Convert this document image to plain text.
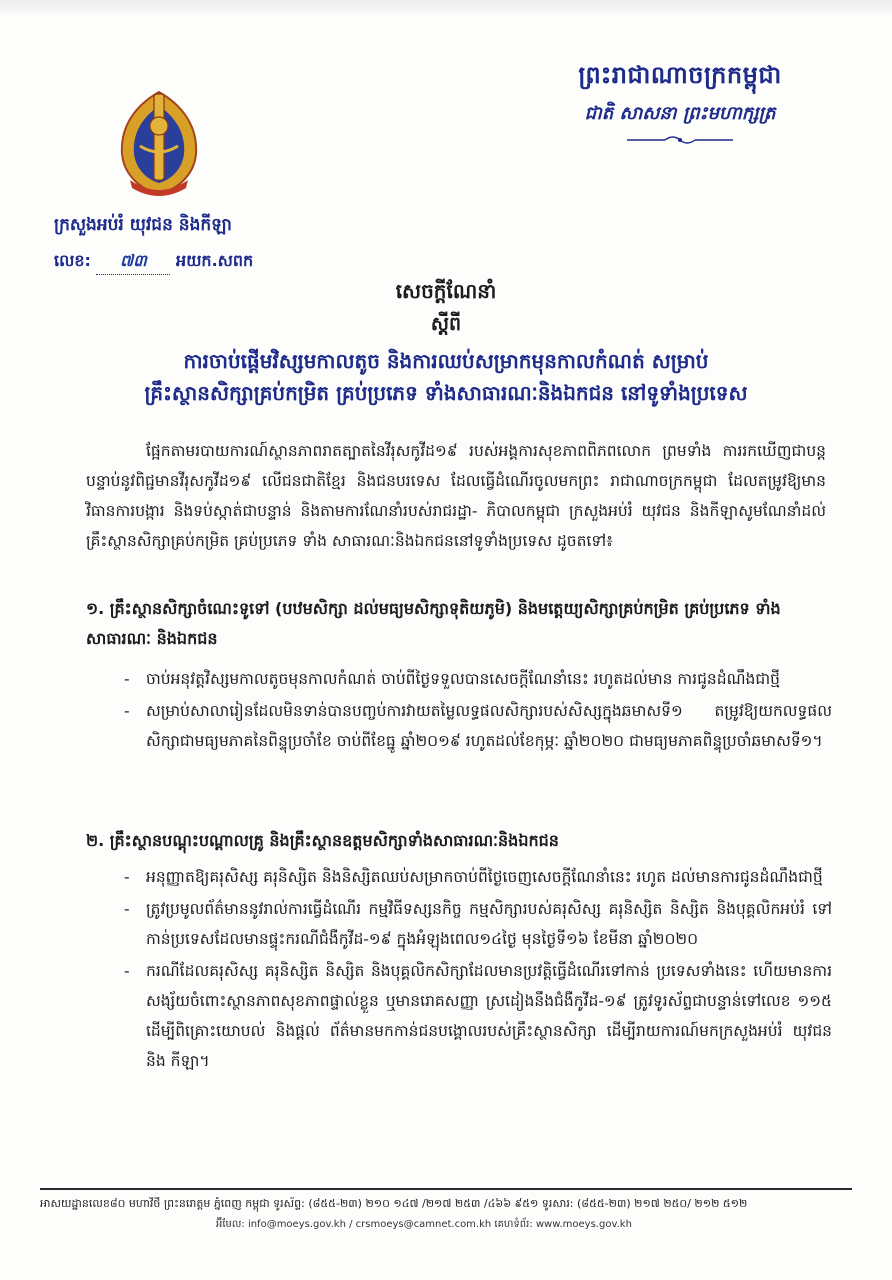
ព្រះរាជាណាចក្រកម្ពុជា
ជាតិ សាសនា ព្រះមហាក្សត្រ
ក្រសួងអប់រំ យុវជន និងកីឡា
លេខ: ៧៣ អយក.សពក
សេចក្តីណែនាំ
ស្តីពី
ការចាប់ផ្តើមវិស្សមកាលតូច និងការឈប់សម្រាកមុនកាលកំណត់ សម្រាប់
គ្រឹះស្ថានសិក្សាគ្រប់កម្រិត គ្រប់ប្រភេទ ទាំងសាធារណៈនិងឯកជន នៅទូទាំងប្រទេស

ផ្អែកតាមរបាយការណ៍ស្ថានភាពរាតត្បាតនៃវីរុសកូវីដ១៩ របស់អង្គការសុខភាពពិភពលោក ព្រមទាំង ការរកឃើញជាបន្តបន្ទាប់នូវពិជ្ជមានវីរុសកូវីដ១៩ លើជនជាតិខ្មែរ និងជនបរទេស ដែលធ្វើដំណើរចូលមកព្រះ រាជាណាចក្រកម្ពុជា ដែលតម្រូវឱ្យមានវិធានការបង្ការ និងទប់ស្កាត់ជាបន្ទាន់ និងតាមការណែនាំរបស់រាជរដ្ឋា- ភិបាលកម្ពុជា ក្រសួងអប់រំ យុវជន និងកីឡាសូមណែនាំដល់គ្រឹះស្ថានសិក្សាគ្រប់កម្រិត គ្រប់ប្រភេទ ទាំង សាធារណៈនិងឯកជននៅទូទាំងប្រទេស ដូចតទៅ៖

១. គ្រឹះស្ថានសិក្សាចំណេះទូទៅ (បឋមសិក្សា ដល់មធ្យមសិក្សាទុតិយភូមិ) និងមត្តេយ្យសិក្សាគ្រប់កម្រិត គ្រប់ប្រភេទ ទាំងសាធារណៈ និងឯកជន
- ចាប់អនុវត្តវិស្សមកាលតូចមុនកាលកំណត់ ចាប់ពីថ្ងៃទទួលបានសេចក្តីណែនាំនេះ រហូតដល់មាន ការជូនដំណឹងជាថ្មី
- សម្រាប់សាលារៀនដែលមិនទាន់បានបញ្ចប់ការវាយតម្លៃលទ្ធផលសិក្សារបស់សិស្សក្នុងឆមាសទី១ តម្រូវឱ្យយកលទ្ធផលសិក្សាជាមធ្យមភាគនៃពិន្ទុប្រចាំខែ ចាប់ពីខែធ្នូ ឆ្នាំ២០១៩ រហូតដល់ខែកុម្ភៈ ឆ្នាំ២០២០ ជាមធ្យមភាគពិន្ទុប្រចាំឆមាសទី១។
២. គ្រឹះស្ថានបណ្តុះបណ្តាលគ្រូ និងគ្រឹះស្ថានឧត្តមសិក្សាទាំងសាធារណៈនិងឯកជន
- អនុញ្ញាតឱ្យគរុសិស្ស គរុនិស្សិត និងនិស្សិតឈប់សម្រាកចាប់ពីថ្ងៃចេញសេចក្តីណែនាំនេះ រហូត ដល់មានការជូនដំណឹងជាថ្មី
- ត្រូវប្រមូលព័ត៌មាននូវរាល់ការធ្វើដំណើរ កម្មវិធីទស្សនកិច្ច កម្មសិក្សារបស់គរុសិស្ស គរុនិស្សិត និស្សិត និងបុគ្គលិកអប់រំ ទៅកាន់ប្រទេសដែលមានផ្ទុះករណីជំងឺកូវីដ-១៩ ក្នុងអំឡុងពេល១៤ថ្ងៃ មុនថ្ងៃទី១៦ ខែមីនា ឆ្នាំ២០២០
- ករណីដែលគរុសិស្ស គរុនិស្សិត និស្សិត និងបុគ្គលិកសិក្សាដែលមានប្រវត្តិធ្វើដំណើរទៅកាន់ ប្រទេសទាំងនេះ ហើយមានការសង្ស័យចំពោះស្ថានភាពសុខភាពផ្ទាល់ខ្លួន ឬមានរោគសញ្ញា ស្រដៀងនឹងជំងឺកូវីដ-១៩ ត្រូវទូរស័ព្ទជាបន្ទាន់ទៅលេខ ១១៥ ដើម្បីពិគ្រោះយោបល់ និងផ្តល់ ព័ត៌មានមកកាន់ជនបង្គោលរបស់គ្រឹះស្ថានសិក្សា ដើម្បីរាយការណ៍មកក្រសួងអប់រំ យុវជន និង កីឡា។
អាសយដ្ឋានលេខ៨០ មហាវិថី ព្រះនរោត្តម ភ្នំពេញ កម្ពុជា ទូរស័ព្ទ: (៨៥៥-២៣) ២១០ ១៤៧ /២១៧ ២៥៣ /៤៦៦ ៩៥១ ទូរសារ: (៨៥៥-២៣) ២១៧ ២៥០/ ២១២ ៥១២
អ៊ីមែល: info@moeys.gov.kh / crsmoeys@camnet.com.kh គេហទំព័រ: www.moeys.gov.kh
